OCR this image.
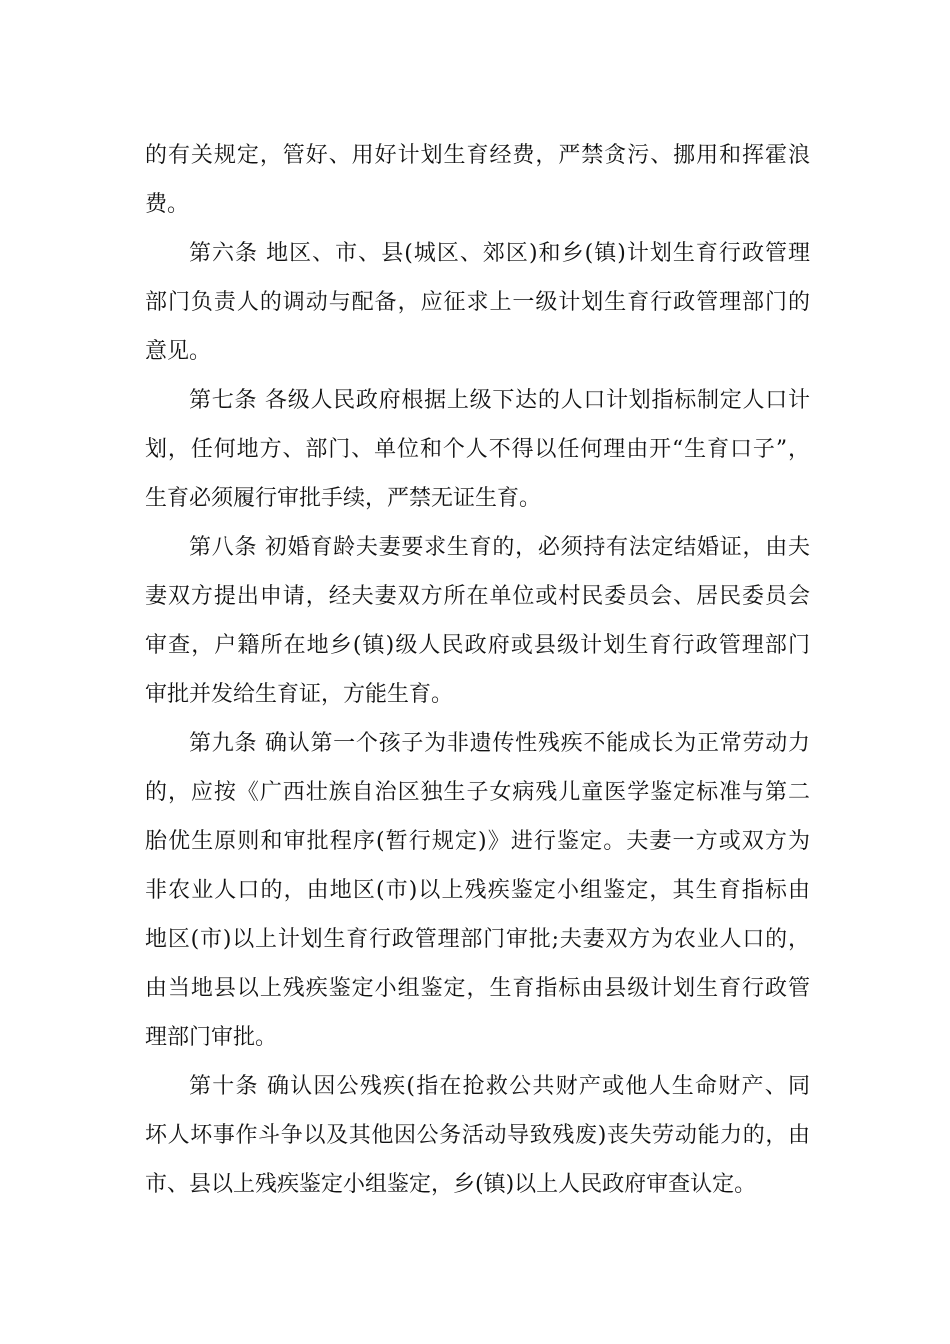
的有关规定，管好、用好计划生育经费，严禁贪污、挪用和挥霍浪
费。
第六条 地区、市、县(城区、郊区)和乡(镇)计划生育行政管理
部门负责人的调动与配备，应征求上一级计划生育行政管理部门的
意见。
第七条 各级人民政府根据上级下达的人口计划指标制定人口计
划，任何地方、部门、单位和个人不得以任何理由开“生育口子”，
生育必须履行审批手续，严禁无证生育。
第八条 初婚育龄夫妻要求生育的，必须持有法定结婚证，由夫
妻双方提出申请，经夫妻双方所在单位或村民委员会、居民委员会
审查，户籍所在地乡(镇)级人民政府或县级计划生育行政管理部门
审批并发给生育证，方能生育。
第九条 确认第一个孩子为非遗传性残疾不能成长为正常劳动力
的，应按《广西壮族自治区独生子女病残儿童医学鉴定标准与第二
胎优生原则和审批程序(暂行规定)》进行鉴定。夫妻一方或双方为
非农业人口的，由地区(市)以上残疾鉴定小组鉴定，其生育指标由
地区(市)以上计划生育行政管理部门审批;夫妻双方为农业人口的，
由当地县以上残疾鉴定小组鉴定，生育指标由县级计划生育行政管
理部门审批。
第十条 确认因公残疾(指在抢救公共财产或他人生命财产、同
坏人坏事作斗争以及其他因公务活动导致残废)丧失劳动能力的，由
市、县以上残疾鉴定小组鉴定，乡(镇)以上人民政府审查认定。
